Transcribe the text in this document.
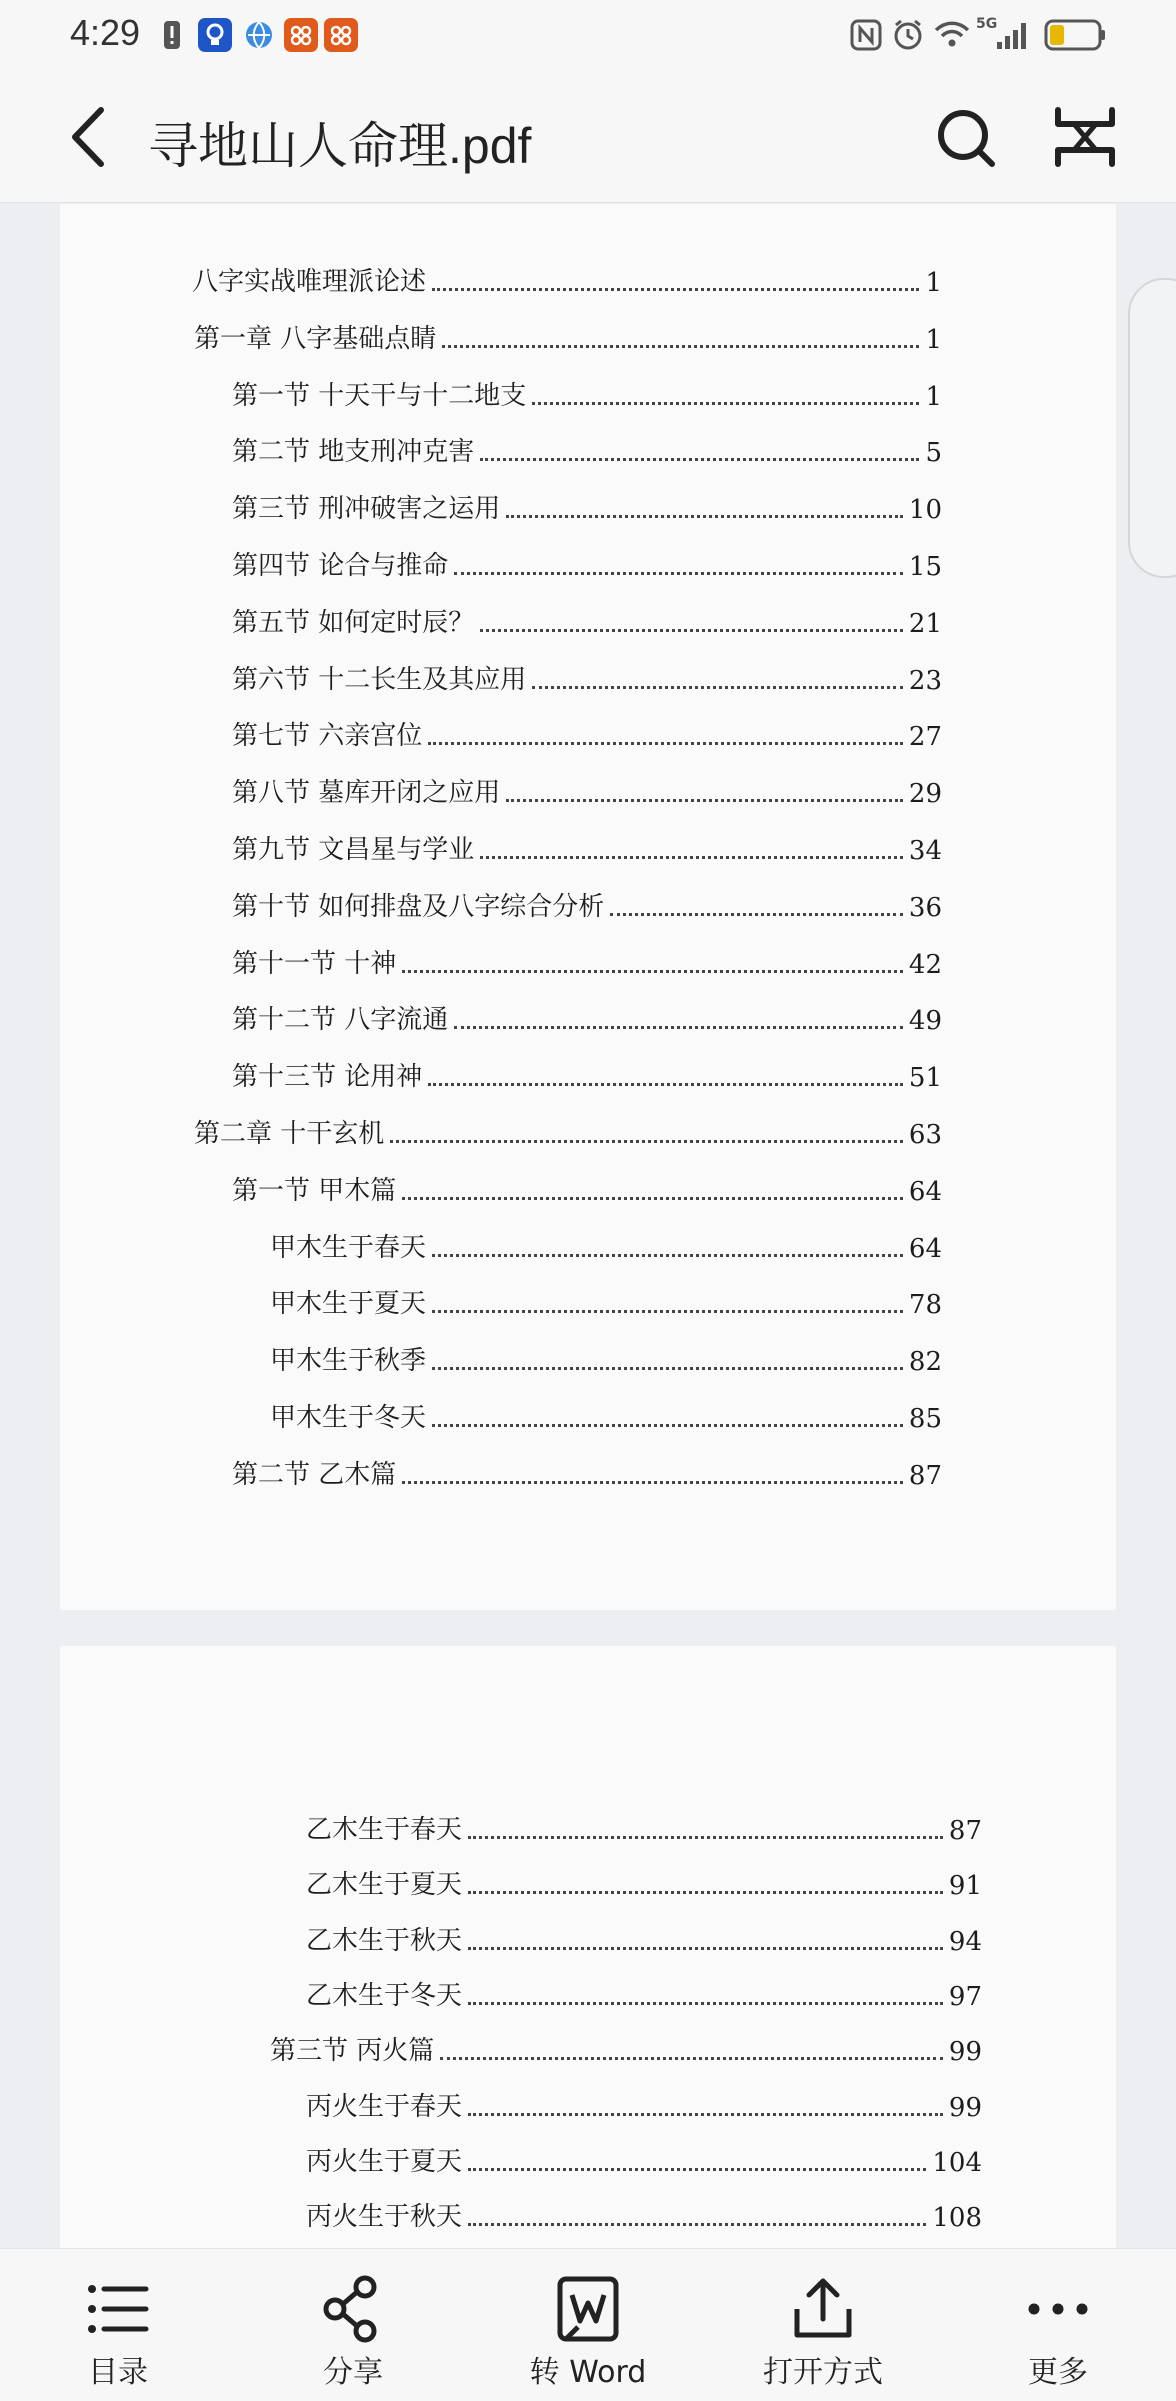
4:29	5G
寻地山人命理.pdf
八字实战唯理派论述	1
第一章 八字基础点睛	1
第一节 十天干与十二地支	1
第二节 地支刑冲克害	5
第三节 刑冲破害之运用	10
第四节 论合与推命	15
第五节 如何定时辰？	21
第六节 十二长生及其应用	23
第七节 六亲宫位	27
第八节 墓库开闭之应用	29
第九节 文昌星与学业	34
第十节 如何排盘及八字综合分析	36
第十一节 十神	42
第十二节 八字流通	49
第十三节 论用神	51
第二章 十干玄机	63
第一节 甲木篇	64
甲木生于春天	64
甲木生于夏天	78
甲木生于秋季	82
甲木生于冬天	85
第二节 乙木篇	87
乙木生于春天	87
乙木生于夏天	91
乙木生于秋天	94
乙木生于冬天	97
第三节 丙火篇	99
丙火生于春天	99
丙火生于夏天	104
丙火生于秋天	108
目录	分享	转 Word	打开方式	更多
